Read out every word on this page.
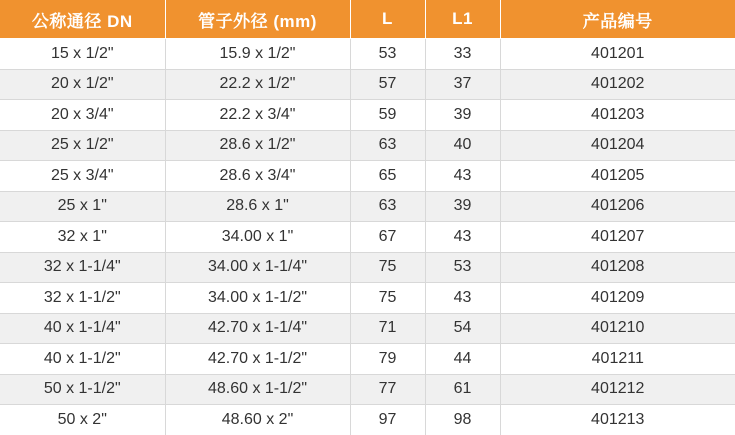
公称通径 DN	管子外径 (mm)	L	L1	产品编号
15 x 1/2"	15.9 x 1/2"	53	33	401201
20 x 1/2"	22.2 x 1/2"	57	37	401202
20 x 3/4"	22.2 x 3/4"	59	39	401203
25 x 1/2"	28.6 x 1/2"	63	40	401204
25 x 3/4"	28.6 x 3/4"	65	43	401205
25 x 1"	28.6 x 1"	63	39	401206
32 x 1"	34.00 x 1"	67	43	401207
32 x 1-1/4"	34.00 x 1-1/4"	75	53	401208
32 x 1-1/2"	34.00 x 1-1/2"	75	43	401209
40 x 1-1/4"	42.70 x 1-1/4"	71	54	401210
40 x 1-1/2"	42.70 x 1-1/2"	79	44	401211
50 x 1-1/2"	48.60 x 1-1/2"	77	61	401212
50 x 2"	48.60 x 2"	97	98	401213
